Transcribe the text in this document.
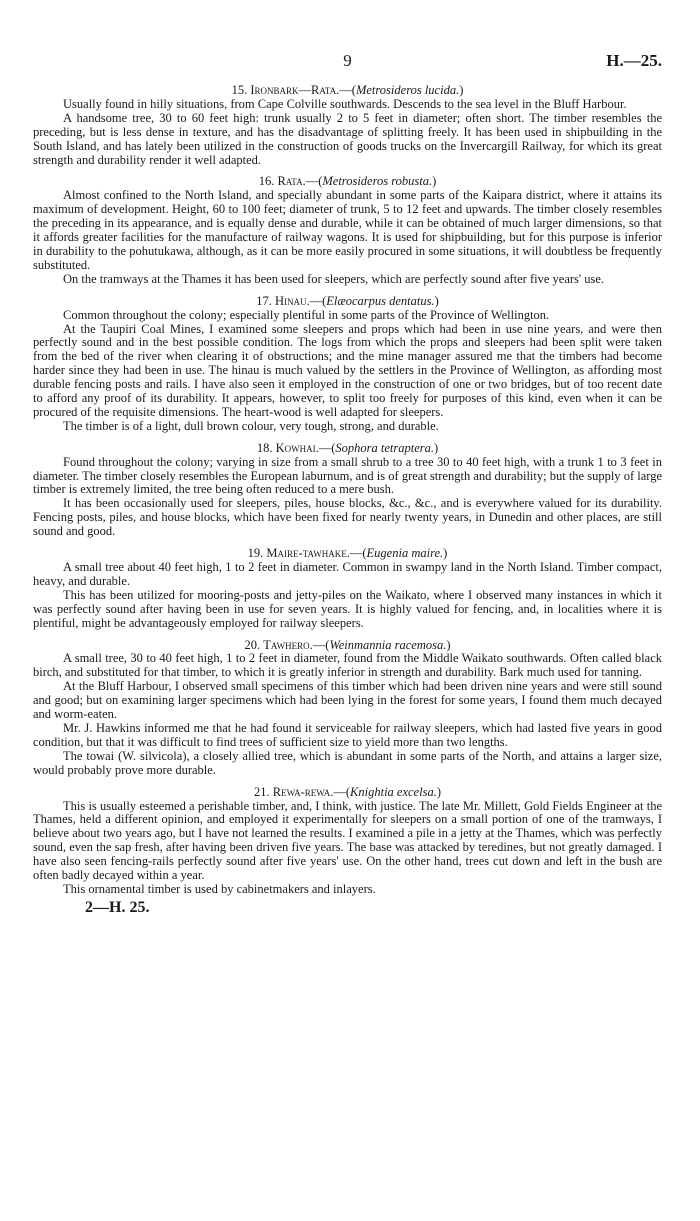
9	H.—25.

15. Ironbark—Rata.—(Metrosideros lucida.)

Usually found in hilly situations, from Cape Colville southwards. Descends to the sea level in the Bluff Harbour.

A handsome tree, 30 to 60 feet high: trunk usually 2 to 5 feet in diameter; often short. The timber resembles the preceding, but is less dense in texture, and has the disadvantage of splitting freely. It has been used in shipbuilding in the South Island, and has lately been utilized in the construction of goods trucks on the Invercargill Railway, for which its great strength and durability render it well adapted.

16. Rata.—(Metrosideros robusta.)

Almost confined to the North Island, and specially abundant in some parts of the Kaipara district, where it attains its maximum of development. Height, 60 to 100 feet; diameter of trunk, 5 to 12 feet and upwards. The timber closely resembles the preceding in its appearance, and is equally dense and durable, while it can be obtained of much larger dimensions, so that it affords greater facilities for the manufacture of railway wagons. It is used for shipbuilding, but for this purpose is inferior in durability to the pohutukawa, although, as it can be more easily procured in some situations, it will doubtless be frequently substituted.

On the tramways at the Thames it has been used for sleepers, which are perfectly sound after five years' use.

17. Hinau.—(Elæocarpus dentatus.)

Common throughout the colony; especially plentiful in some parts of the Province of Wellington.

At the Taupiri Coal Mines, I examined some sleepers and props which had been in use nine years, and were then perfectly sound and in the best possible condition. The logs from which the props and sleepers had been split were taken from the bed of the river when clearing it of obstructions; and the mine manager assured me that the timbers had become harder since they had been in use. The hinau is much valued by the settlers in the Province of Wellington, as affording most durable fencing posts and rails. I have also seen it employed in the construction of one or two bridges, but of too recent date to afford any proof of its durability. It appears, however, to split too freely for purposes of this kind, even when it can be procured of the requisite dimensions. The heart-wood is well adapted for sleepers.

The timber is of a light, dull brown colour, very tough, strong, and durable.

18. Kowhai.—(Sophora tetraptera.)

Found throughout the colony; varying in size from a small shrub to a tree 30 to 40 feet high, with a trunk 1 to 3 feet in diameter. The timber closely resembles the European laburnum, and is of great strength and durability; but the supply of large timber is extremely limited, the tree being often reduced to a mere bush.

It has been occasionally used for sleepers, piles, house blocks, &c., &c., and is everywhere valued for its durability. Fencing posts, piles, and house blocks, which have been fixed for nearly twenty years, in Dunedin and other places, are still sound and good.

19. Maire-tawhake.—(Eugenia maire.)

A small tree about 40 feet high, 1 to 2 feet in diameter. Common in swampy land in the North Island. Timber compact, heavy, and durable.

This has been utilized for mooring-posts and jetty-piles on the Waikato, where I observed many instances in which it was perfectly sound after having been in use for seven years. It is highly valued for fencing, and, in localities where it is plentiful, might be advantageously employed for railway sleepers.

20. Tawhero.—(Weinmannia racemosa.)

A small tree, 30 to 40 feet high, 1 to 2 feet in diameter, found from the Middle Waikato southwards. Often called black birch, and substituted for that timber, to which it is greatly inferior in strength and durability. Bark much used for tanning.

At the Bluff Harbour, I observed small specimens of this timber which had been driven nine years and were still sound and good; but on examining larger specimens which had been lying in the forest for some years, I found them much decayed and worm-eaten.

Mr. J. Hawkins informed me that he had found it serviceable for railway sleepers, which had lasted five years in good condition, but that it was difficult to find trees of sufficient size to yield more than two lengths.

The towai (W. silvicola), a closely allied tree, which is abundant in some parts of the North, and attains a larger size, would probably prove more durable.

21. Rewa-rewa.—(Knightia excelsa.)

This is usually esteemed a perishable timber, and, I think, with justice. The late Mr. Millett, Gold Fields Engineer at the Thames, held a different opinion, and employed it experimentally for sleepers on a small portion of one of the tramways, I believe about two years ago, but I have not learned the results. I examined a pile in a jetty at the Thames, which was perfectly sound, even the sap fresh, after having been driven five years. The base was attacked by teredines, but not greatly damaged. I have also seen fencing-rails perfectly sound after five years' use. On the other hand, trees cut down and left in the bush are often badly decayed within a year.

This ornamental timber is used by cabinetmakers and inlayers.

2—H. 25.
